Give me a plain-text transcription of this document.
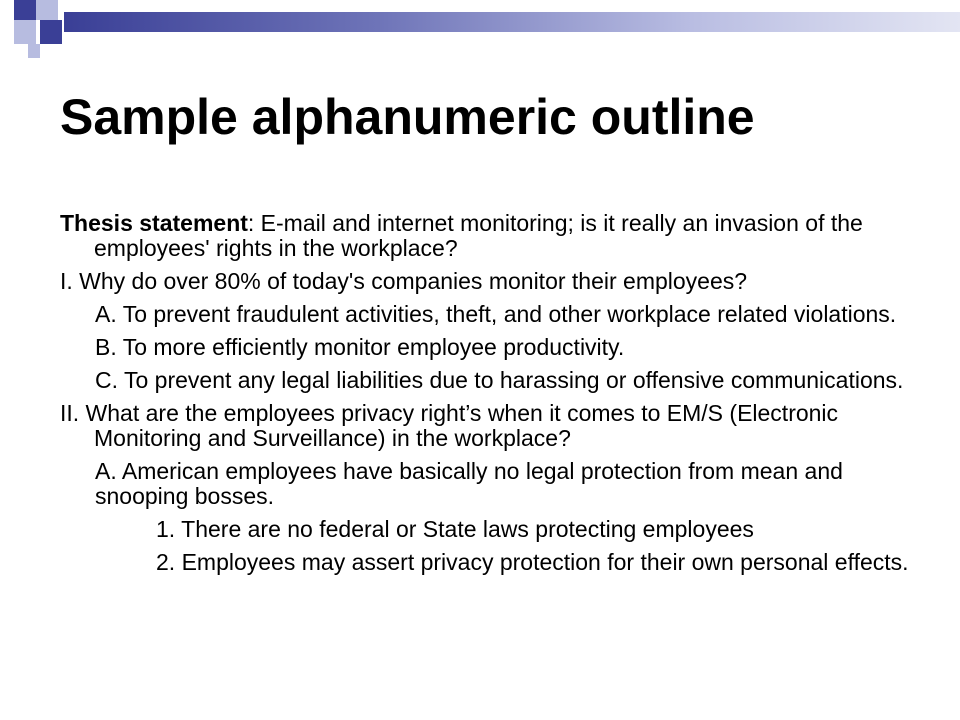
Sample alphanumeric outline

Thesis statement: E-mail and internet monitoring; is it really an invasion of the employees' rights in the workplace?

I. Why do over 80% of today's companies monitor their employees?

A. To prevent fraudulent activities, theft, and other workplace related violations.

B. To more efficiently monitor employee productivity.

C. To prevent any legal liabilities due to harassing or offensive communications.

II. What are the employees privacy right’s when it comes to EM/S (Electronic Monitoring and Surveillance) in the workplace?

A. American employees have basically no legal protection from mean and snooping bosses.

1. There are no federal or State laws protecting employees

2. Employees may assert privacy protection for their own personal effects.
